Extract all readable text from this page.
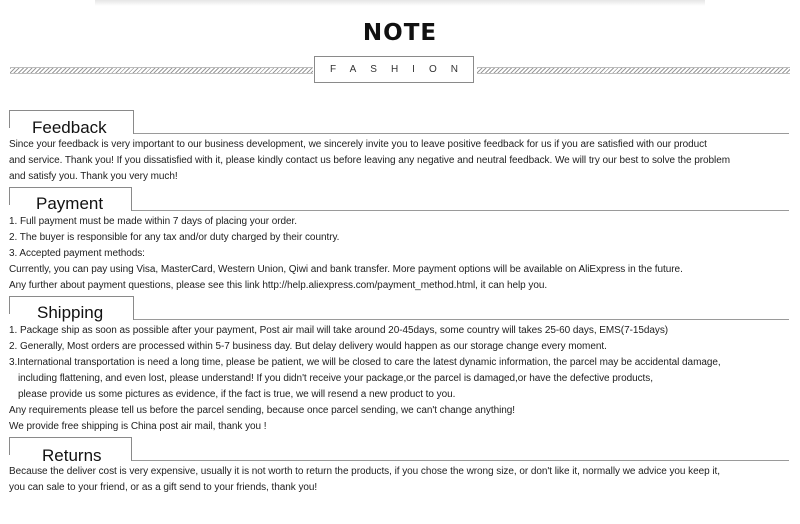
NOTE
FASHION
Feedback
Since your feedback is very important to our business development, we sincerely invite you to leave positive feedback for us if you are satisfied with our product
and service. Thank you! If you dissatisfied with it, please kindly contact us before leaving any negative and neutral feedback. We will try our best to solve the problem
and satisfy you. Thank you very much!
Payment
1. Full payment must be made within 7 days of placing your order.
2. The buyer is responsible for any tax and/or duty charged by their country.
3. Accepted payment methods:
Currently, you can pay using Visa, MasterCard, Western Union, Qiwi and bank transfer. More payment options will be available on AliExpress in the future.
Any further about payment questions, please see this link http://help.aliexpress.com/payment_method.html, it can help you.
Shipping
1. Package ship as soon as possible after your payment, Post air mail will take around 20-45days, some country will takes 25-60 days, EMS(7-15days)
2. Generally, Most orders are processed within 5-7 business day. But delay delivery would happen as our storage change every moment.
3.International transportation is need a long time, please be patient, we will be closed to care the latest dynamic information, the parcel may be accidental damage,
including flattening, and even lost, please understand! If you didn't receive your package,or the parcel is damaged,or have the defective products,
please provide us some pictures as evidence, if the fact is true, we will resend a new product to you.
Any requirements please tell us before the parcel sending, because once parcel sending, we can't change anything!
We provide free shipping is China post air mail, thank you !
Returns
Because the deliver cost is very expensive, usually it is not worth to return the products, if you chose the wrong size, or don't like it, normally we advice you keep it,
you can sale to your friend, or as a gift send to your friends, thank you!
